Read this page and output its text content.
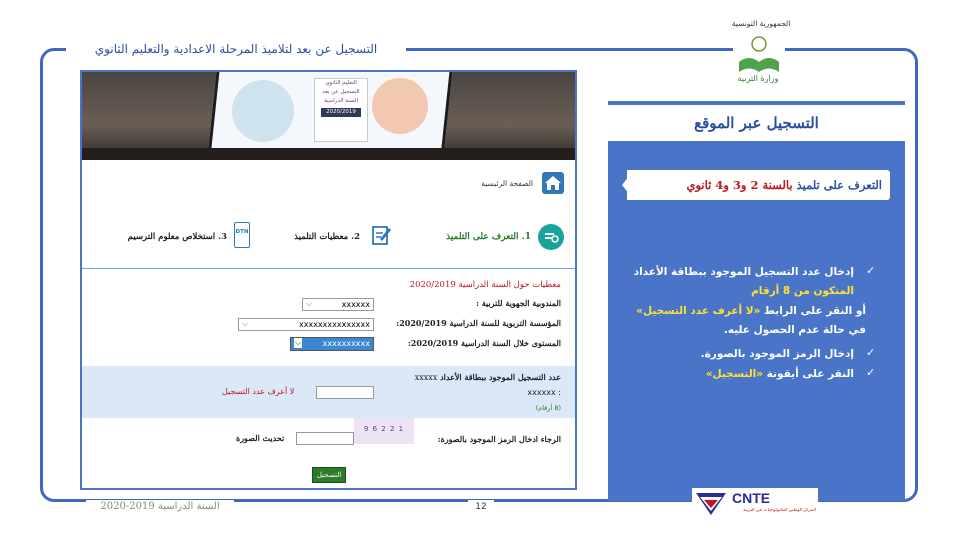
التسجيل عن بعد لتلاميذ المرحلة الاعدادية والتعليم الثانوي
الجمهورية التونسية
وزارة التربية
التسجيل عبر الموقع
التعرف على تلميذ بالسنة 2 و3 و4 ثانوي
✓
إدخال عدد التسجيل الموجود ببطاقة الأعداد
المتكون من 8 أرقام
أو النقر على الرابط «لا أعرف عدد التسجيل»
في حالة عدم الحصول عليه.
✓
إدخال الرمز الموجود بالصورة.
✓
النقر على أيقونة «التسجيل»
التعليم الثانوي
التسجيل عن بعد
السنة الدراسية
2020/2019
الصفحة الرئيسية
1. التعرف على التلميذ
2. معطيات التلميذ
DTN
3. استخلاص معلوم الترسيم
معطيات حول السنة الدراسية 2020/2019
المندوبية الجهوية للتربية :
xxxxxx
⌵
المؤسسة التربوية للسنة الدراسية 2020/2019:
xxxxxxxxxxxxxxx
⌵
المستوى خلال السنة الدراسية 2020/2019:
xxxxxxxxxx
⌵
عدد التسجيل الموجود ببطاقة الأعداد xxxxx
: xxxxxx
(8 أرقام)
لا أعرف عدد التسجيل
9 6 2 2 1
الرجاء ادخال الرمز الموجود بالصورة:
تحديث الصورة
التسجيل
السنة الدراسية 2019-2020	12
CNTE
المركز الوطني للتكنولوجيات في التربية
